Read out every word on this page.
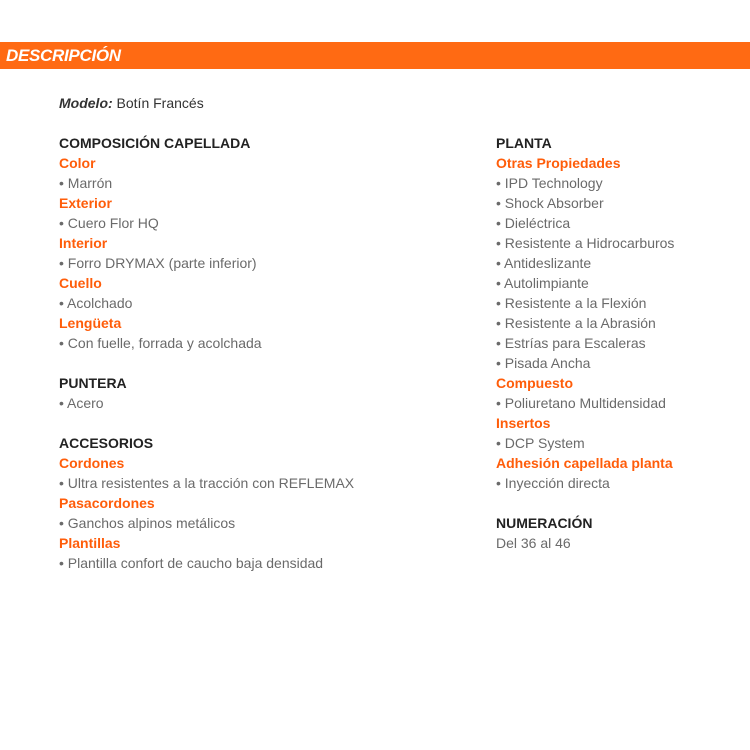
DESCRIPCIÓN
Modelo: Botín Francés
COMPOSICIÓN CAPELLADA
Color
• Marrón
Exterior
• Cuero Flor HQ
Interior
• Forro DRYMAX (parte inferior)
Cuello
• Acolchado
Lengüeta
• Con fuelle, forrada y acolchada
PUNTERA
• Acero
ACCESORIOS
Cordones
• Ultra resistentes a la tracción con REFLEMAX
Pasacordones
• Ganchos alpinos metálicos
Plantillas
• Plantilla confort de caucho baja densidad
PLANTA
Otras Propiedades
• IPD Technology
• Shock Absorber
• Dieléctrica
• Resistente a Hidrocarburos
• Antideslizante
• Autolimpiante
• Resistente a la Flexión
• Resistente a la Abrasión
• Estrías para Escaleras
• Pisada Ancha
Compuesto
• Poliuretano Multidensidad
Insertos
• DCP System
Adhesión capellada planta
• Inyección directa
NUMERACIÓN
Del 36 al 46
